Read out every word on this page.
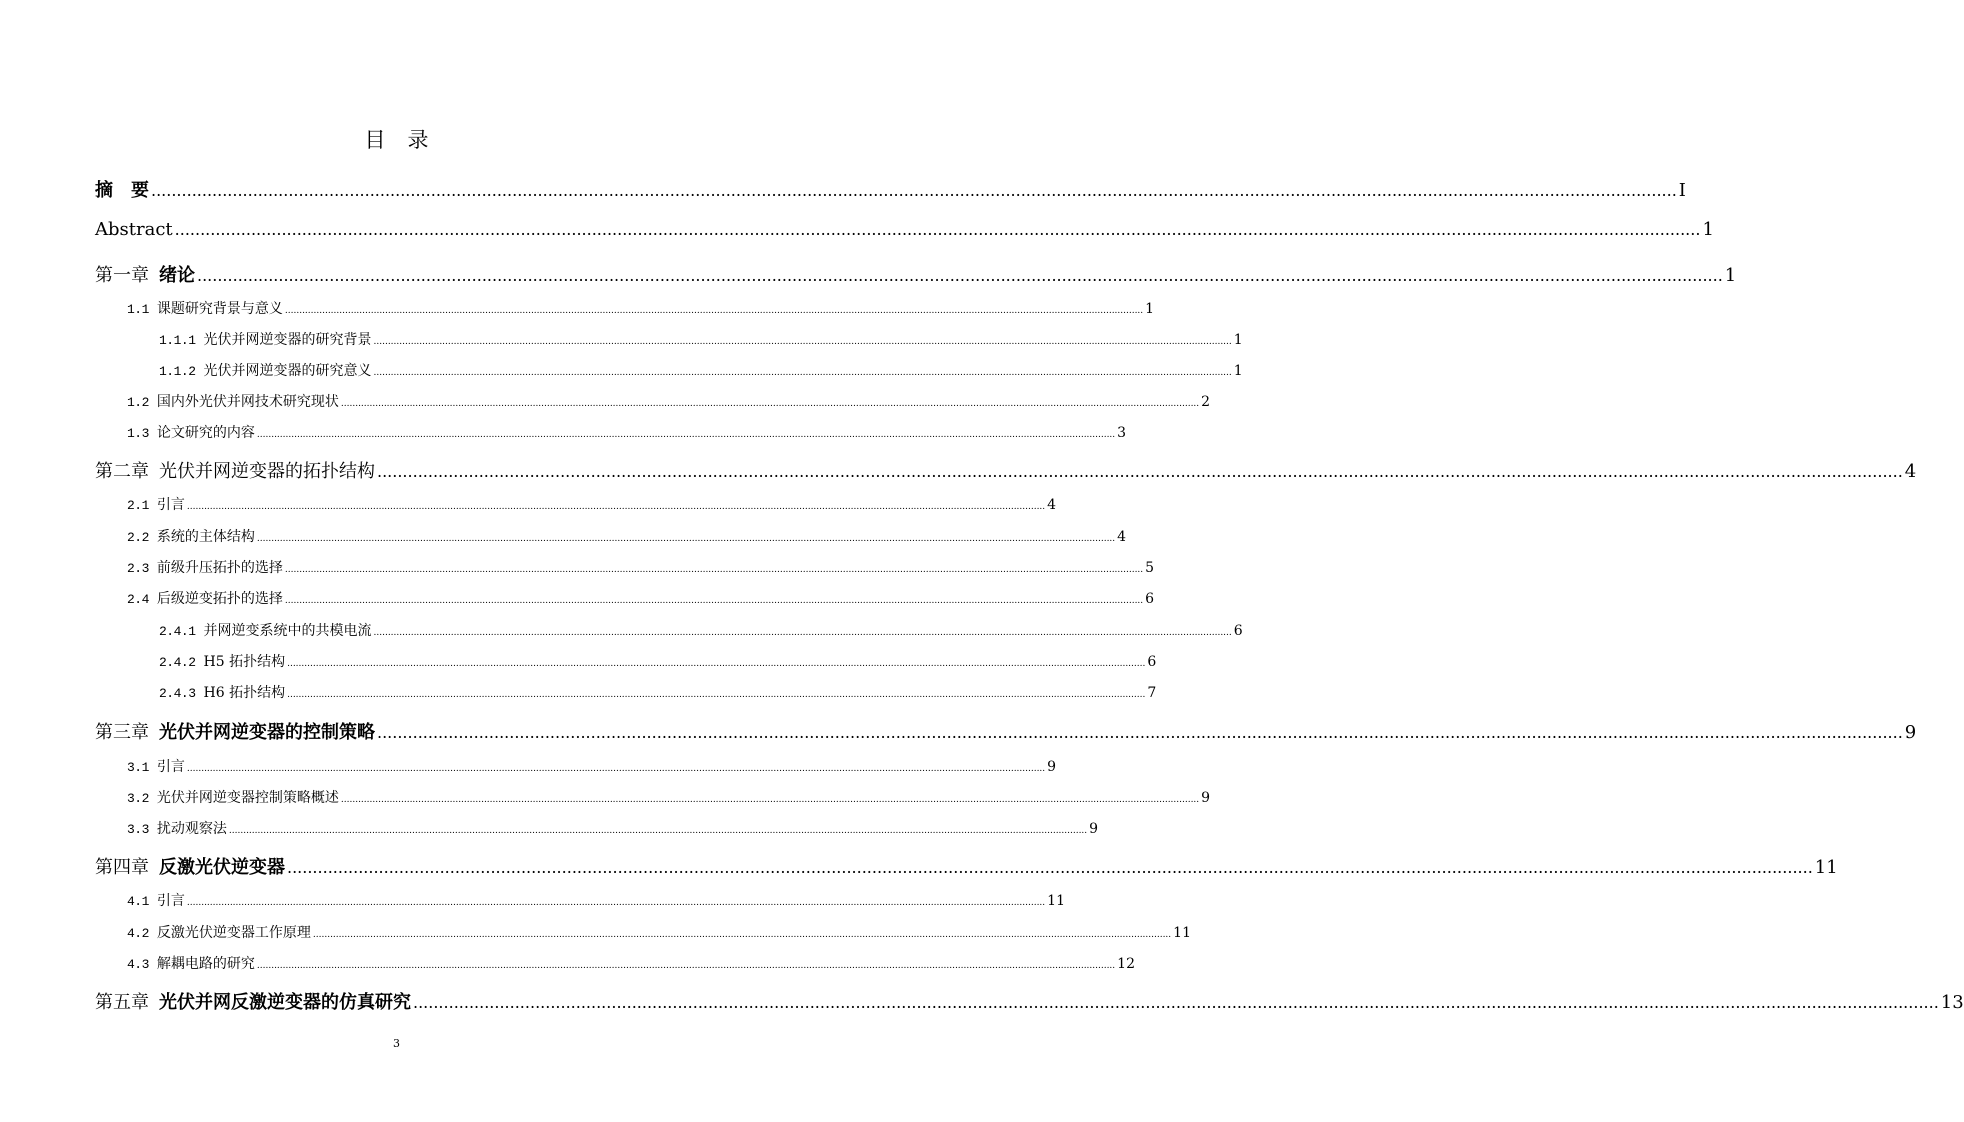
目录
摘　要 ............................................................................................................................................................................................................................................................................................................ I
Abstract ............................................................................................................................................................................................................................................................................................................ 1
第一章 绪论 ............................................................................................................................................................................................................................................................................................................ 1
1.1 课题研究背景与意义 ............................................................................................................................................................................................................................................................................................................ 1
1.1.1 光伏并网逆变器的研究背景 ............................................................................................................................................................................................................................................................................................................ 1
1.1.2 光伏并网逆变器的研究意义 ............................................................................................................................................................................................................................................................................................................ 1
1.2 国内外光伏并网技术研究现状 ............................................................................................................................................................................................................................................................................................................ 2
1.3 论文研究的内容 ............................................................................................................................................................................................................................................................................................................ 3
第二章 光伏并网逆变器的拓扑结构 ............................................................................................................................................................................................................................................................................................................ 4
2.1 引言 ............................................................................................................................................................................................................................................................................................................ 4
2.2 系统的主体结构 ............................................................................................................................................................................................................................................................................................................ 4
2.3 前级升压拓扑的选择 ............................................................................................................................................................................................................................................................................................................ 5
2.4 后级逆变拓扑的选择 ............................................................................................................................................................................................................................................................................................................ 6
2.4.1 并网逆变系统中的共模电流 ............................................................................................................................................................................................................................................................................................................ 6
2.4.2 H5 拓扑结构 ............................................................................................................................................................................................................................................................................................................ 6
2.4.3 H6 拓扑结构 ............................................................................................................................................................................................................................................................................................................ 7
第三章 光伏并网逆变器的控制策略 ............................................................................................................................................................................................................................................................................................................ 9
3.1 引言 ............................................................................................................................................................................................................................................................................................................ 9
3.2 光伏并网逆变器控制策略概述 ............................................................................................................................................................................................................................................................................................................ 9
3.3 扰动观察法 ............................................................................................................................................................................................................................................................................................................ 9
第四章 反激光伏逆变器 ............................................................................................................................................................................................................................................................................................................ 11
4.1 引言 ............................................................................................................................................................................................................................................................................................................ 11
4.2 反激光伏逆变器工作原理 ............................................................................................................................................................................................................................................................................................................ 11
4.3 解耦电路的研究 ............................................................................................................................................................................................................................................................................................................ 12
第五章 光伏并网反激逆变器的仿真研究 ............................................................................................................................................................................................................................................................................................................ 13
3
